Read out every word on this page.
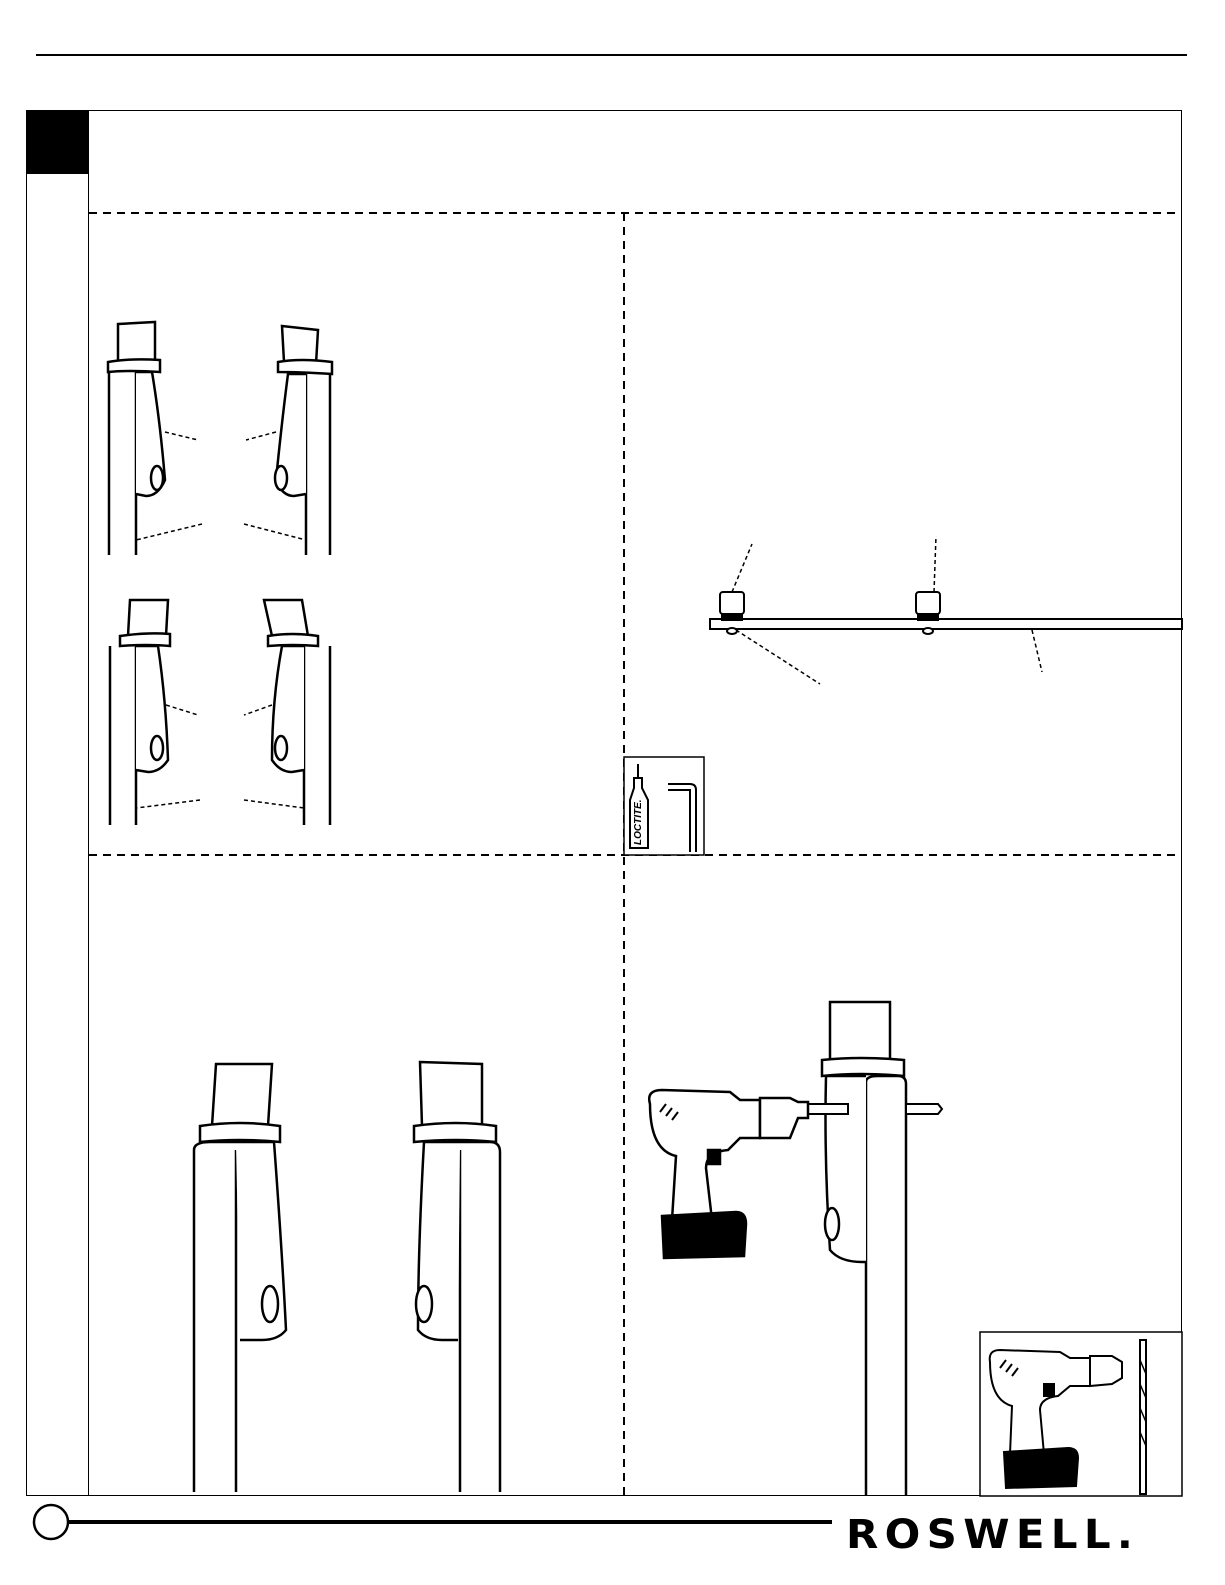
LOCTITE.
ROSWELL.
